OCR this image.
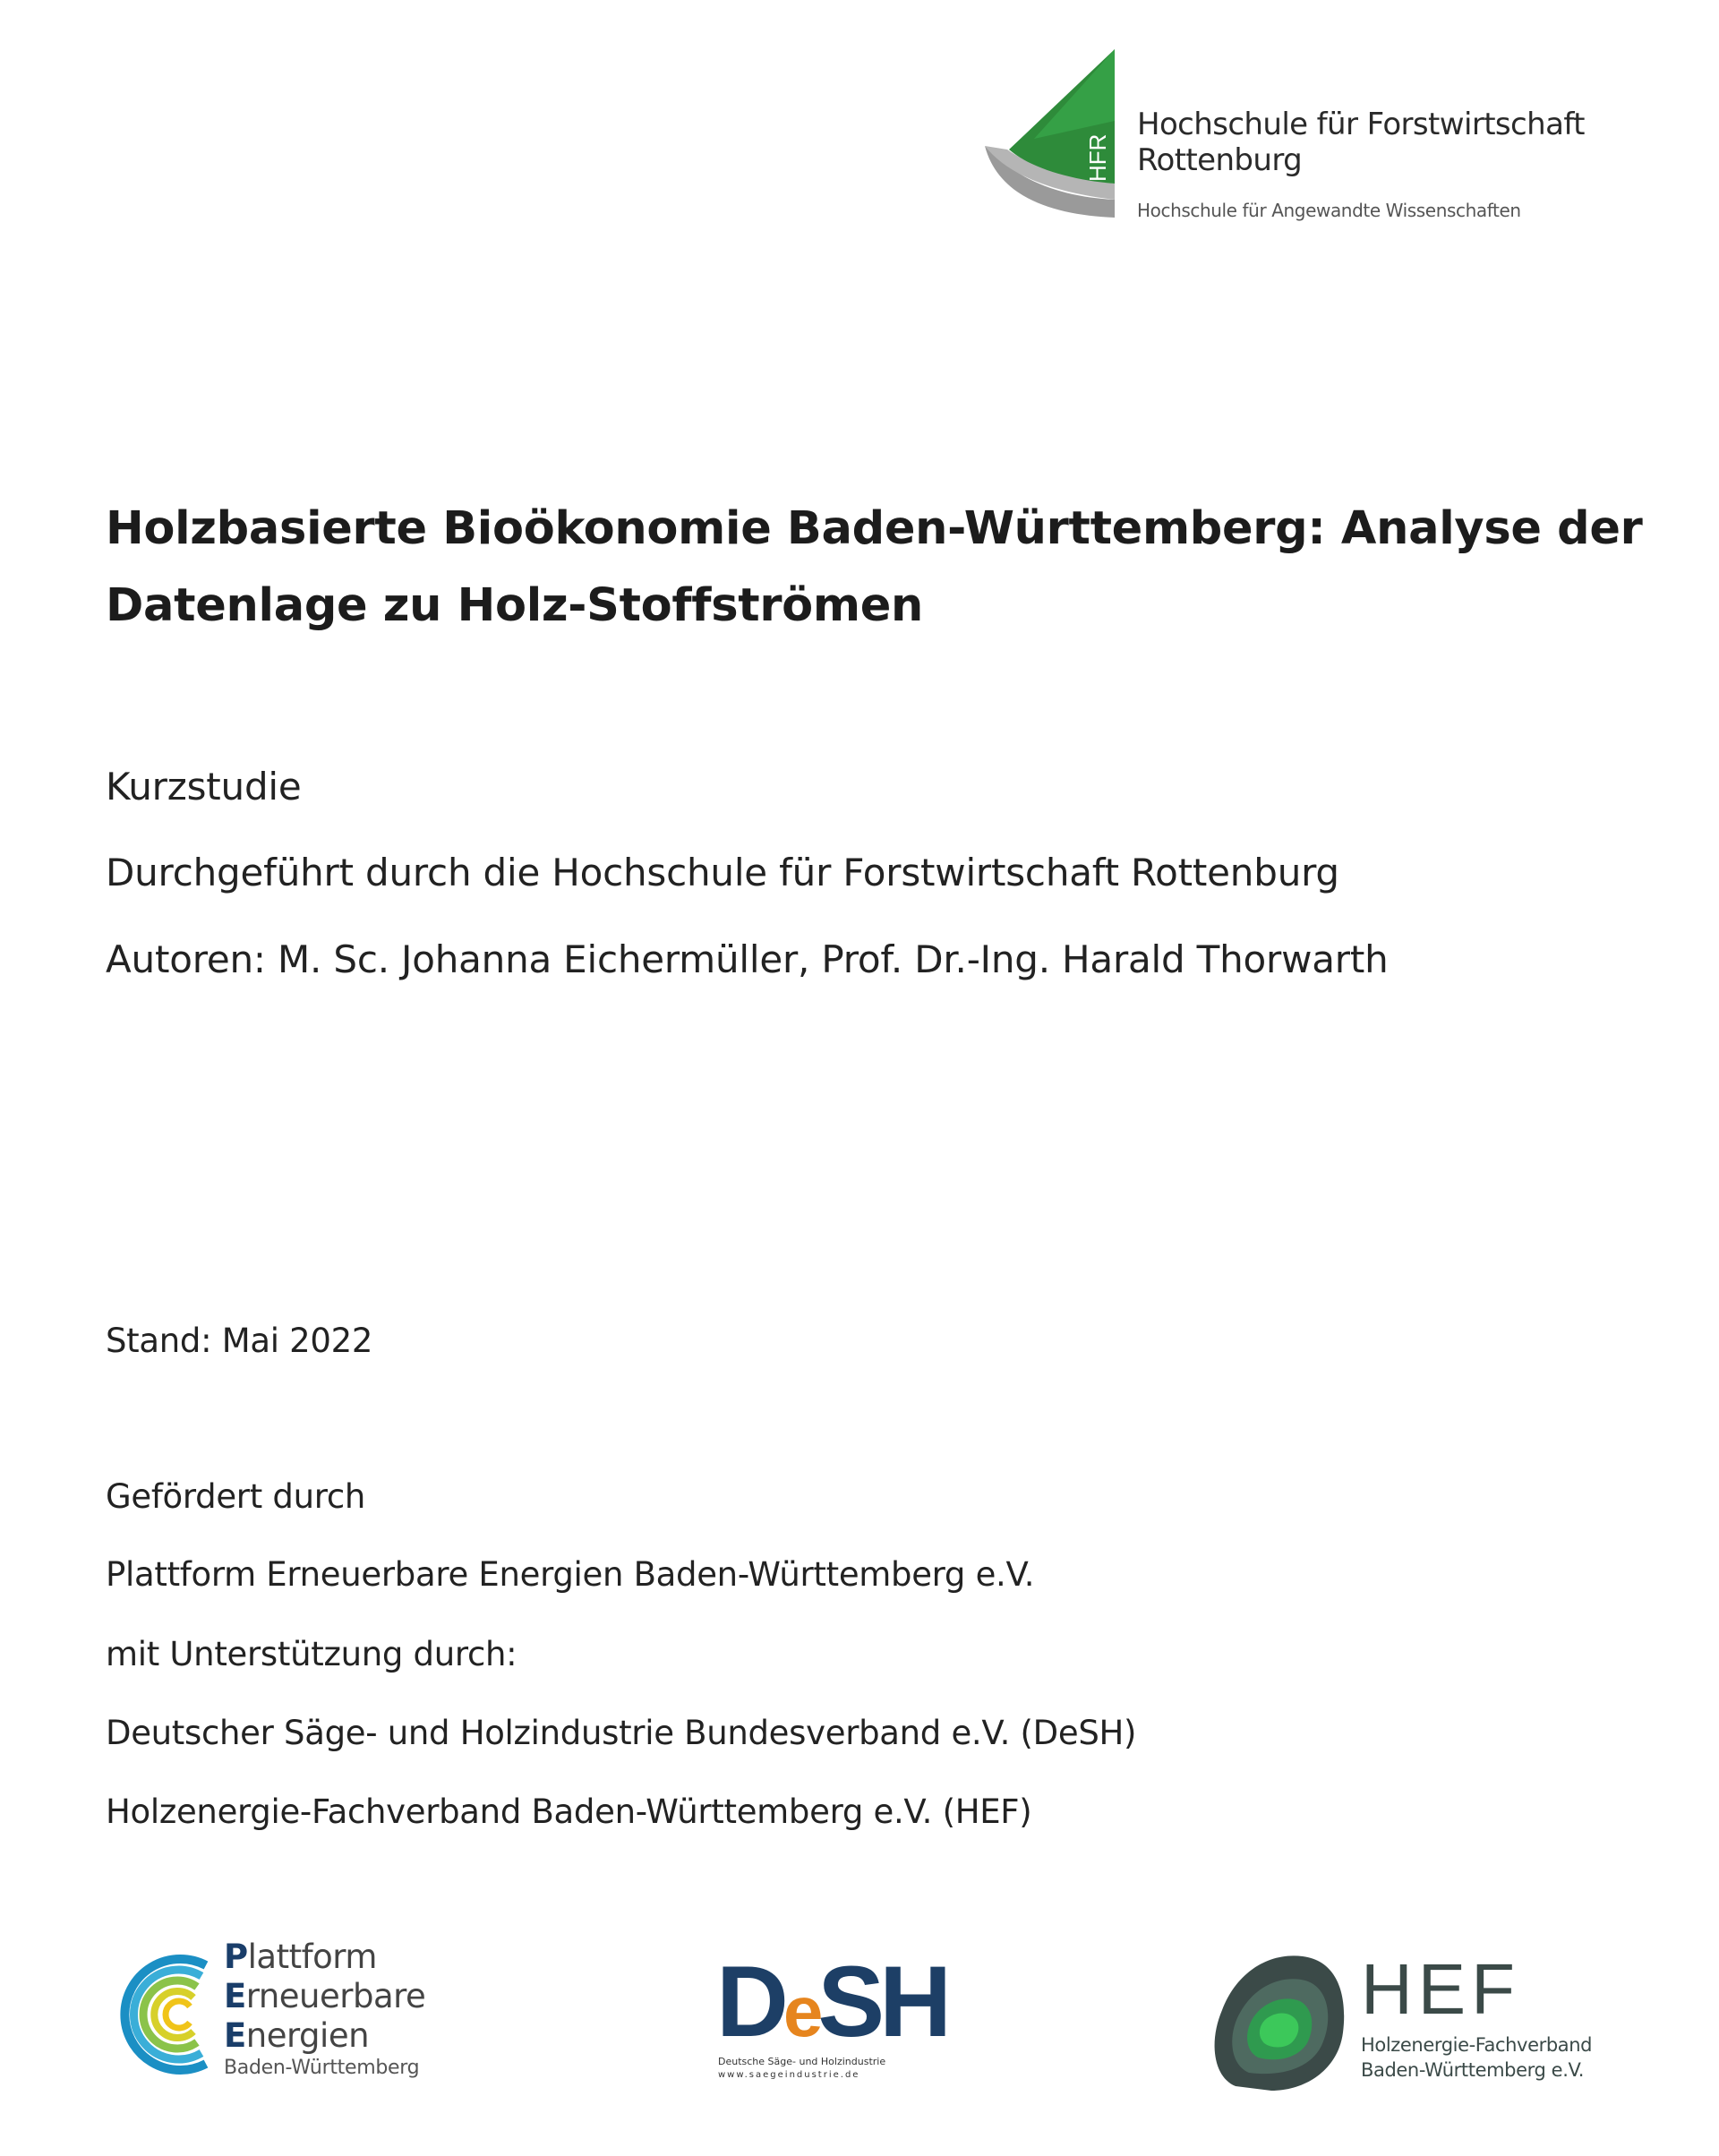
HFR
Hochschule für Forstwirtschaft
Rottenburg
Hochschule für Angewandte Wissenschaften
Holzbasierte Bioökonomie Baden-Württemberg: Analyse der Datenlage zu Holz-Stoffströmen
Kurzstudie
Durchgeführt durch die Hochschule für Forstwirtschaft Rottenburg
Autoren: M. Sc. Johanna Eichermüller, Prof. Dr.-Ing. Harald Thorwarth
Stand: Mai 2022
Gefördert durch
Plattform Erneuerbare Energien Baden-Württemberg e.V.
mit Unterstützung durch:
Deutscher Säge- und Holzindustrie Bundesverband e.V. (DeSH)
Holzenergie-Fachverband Baden-Württemberg e.V. (HEF)
Plattform
Erneuerbare
Energien
Baden-Württemberg
DeSH
Deutsche Säge- und Holzindustrie
www.saegeindustrie.de
HEF
Holzenergie-Fachverband
Baden-Württemberg e.V.
